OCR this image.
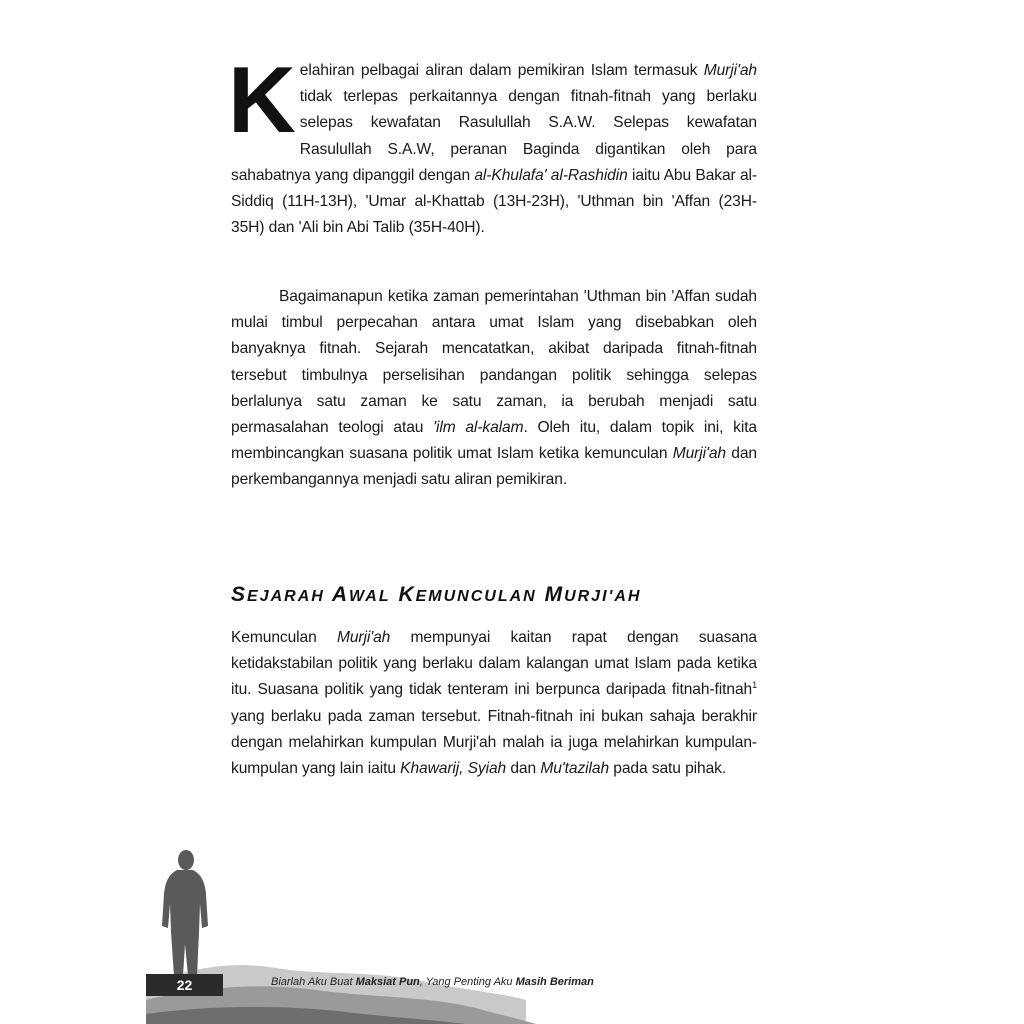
Kelahiran pelbagai aliran dalam pemikiran Islam termasuk Murji'ah tidak terlepas perkaitannya dengan fitnah-fitnah yang berlaku selepas kewafatan Rasulullah S.A.W. Selepas kewafatan Rasulullah S.A.W, peranan Baginda digantikan oleh para sahabatnya yang dipanggil dengan al-Khulafa' al-Rashidin iaitu Abu Bakar al-Siddiq (11H-13H), 'Umar al-Khattab (13H-23H), 'Uthman bin 'Affan (23H-35H) dan 'Ali bin Abi Talib (35H-40H).

Bagaimanapun ketika zaman pemerintahan 'Uthman bin 'Affan sudah mulai timbul perpecahan antara umat Islam yang disebabkan oleh banyaknya fitnah. Sejarah mencatatkan, akibat daripada fitnah-fitnah tersebut timbulnya perselisihan pandangan politik sehingga selepas berlalunya satu zaman ke satu zaman, ia berubah menjadi satu permasalahan teologi atau 'ilm al-kalam. Oleh itu, dalam topik ini, kita membincangkan suasana politik umat Islam ketika kemunculan Murji'ah dan perkembangannya menjadi satu aliran pemikiran.

SEJARAH AWAL KEMUNCULAN MURJI'AH

Kemunculan Murji'ah mempunyai kaitan rapat dengan suasana ketidakstabilan politik yang berlaku dalam kalangan umat Islam pada ketika itu. Suasana politik yang tidak tenteram ini berpunca daripada fitnah-fitnah$^1$ yang berlaku pada zaman tersebut. Fitnah-fitnah ini bukan sahaja berakhir dengan melahirkan kumpulan Murji'ah malah ia juga melahirkan kumpulan-kumpulan yang lain iaitu Khawarij, Syiah dan Mu'tazilah pada satu pihak.

22	Biarlah Aku Buat Maksiat Pun, Yang Penting Aku Masih Beriman
